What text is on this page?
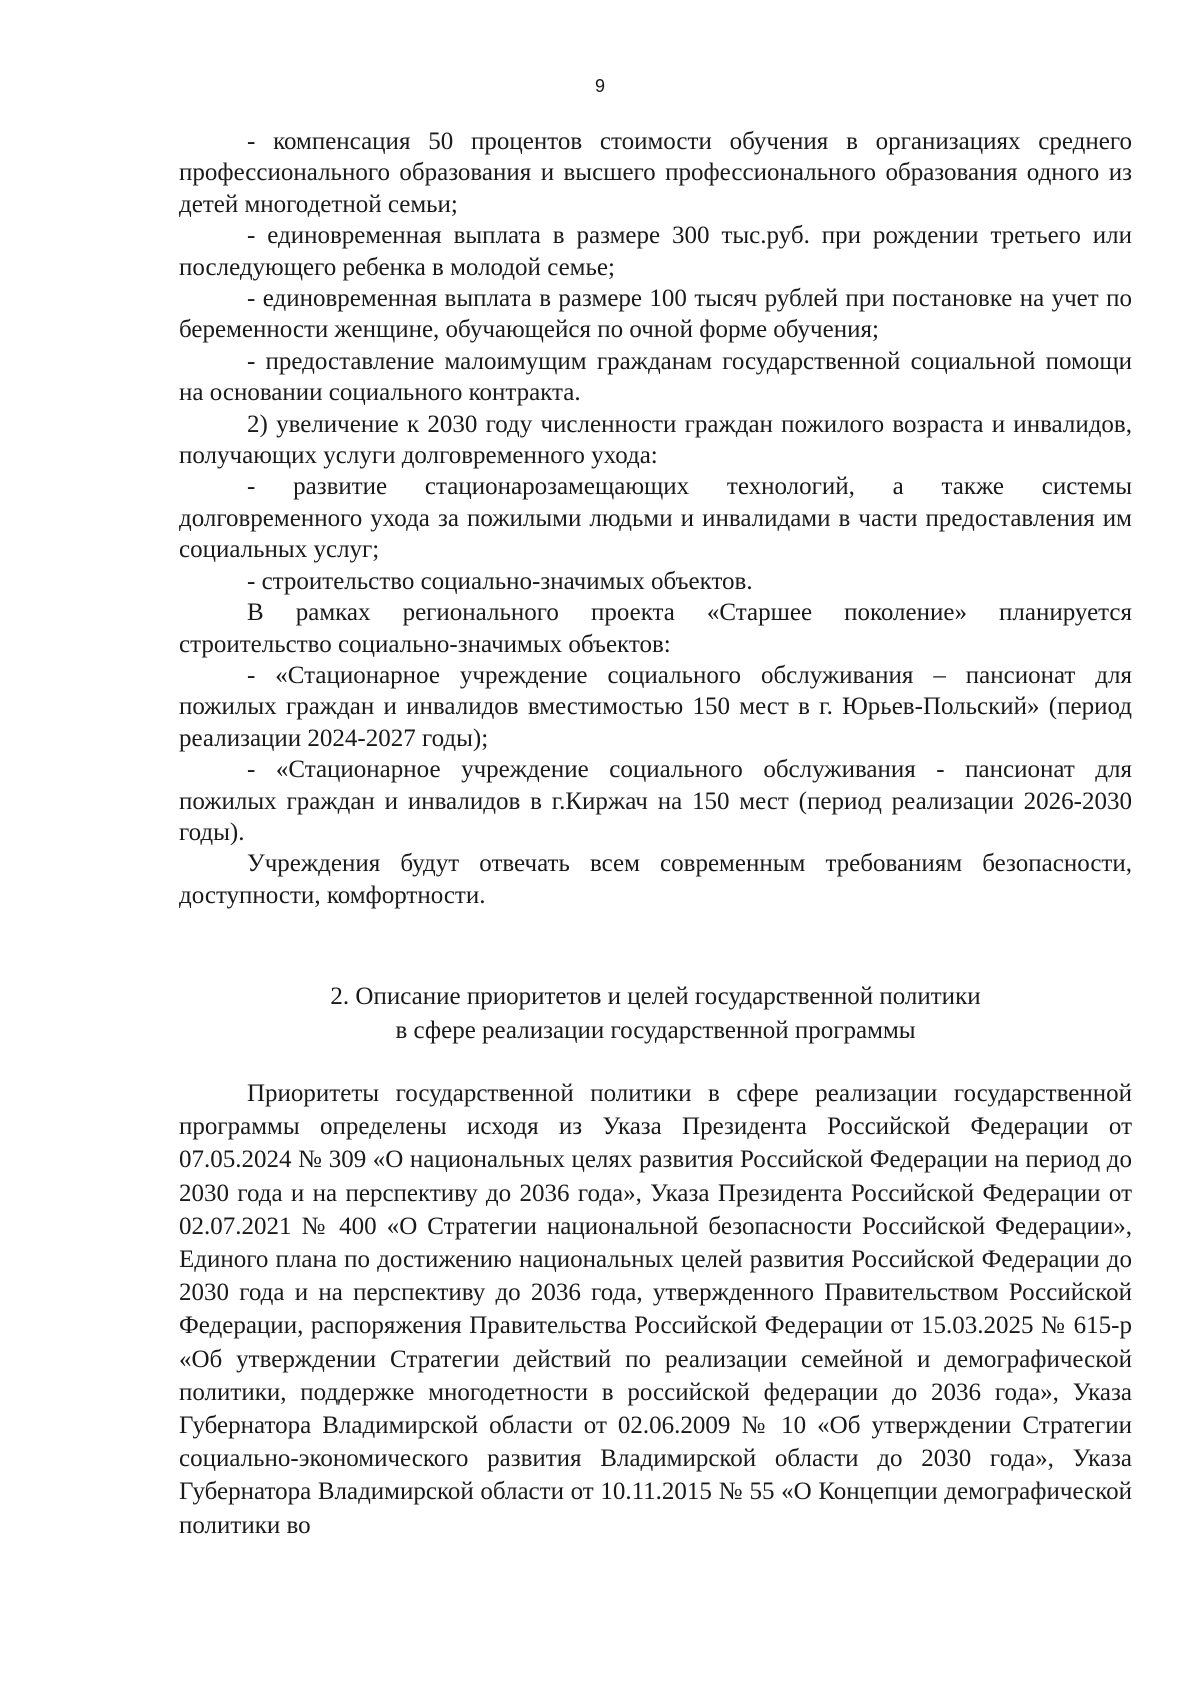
9

- компенсация 50 процентов стоимости обучения в организациях среднего профессионального образования и высшего профессионального образования одного из детей многодетной семьи;

- единовременная выплата в размере 300 тыс.руб. при рождении третьего или последующего ребенка в молодой семье;

- единовременная выплата в размере 100 тысяч рублей при постановке на учет по беременности женщине, обучающейся по очной форме обучения;

- предоставление малоимущим гражданам государственной социальной помощи на основании социального контракта.

2) увеличение к 2030 году численности граждан пожилого возраста и инвалидов, получающих услуги долговременного ухода:

- развитие стационарозамещающих технологий, а также системы долговременного ухода за пожилыми людьми и инвалидами в части предоставления им социальных услуг;

- строительство социально-значимых объектов.

В рамках регионального проекта «Старшее поколение» планируется строительство социально-значимых объектов:

- «Стационарное учреждение социального обслуживания – пансионат для пожилых граждан и инвалидов вместимостью 150 мест в г. Юрьев-Польский» (период реализации 2024-2027 годы);

- «Стационарное учреждение социального обслуживания - пансионат для пожилых граждан и инвалидов в г.Киржач на 150 мест (период реализации 2026-2030 годы).

Учреждения будут отвечать всем современным требованиям безопасности, доступности, комфортности.

2. Описание приоритетов и целей государственной политики
в сфере реализации государственной программы

Приоритеты государственной политики в сфере реализации государственной программы определены исходя из Указа Президента Российской Федерации от 07.05.2024 № 309 «О национальных целях развития Российской Федерации на период до 2030 года и на перспективу до 2036 года», Указа Президента Российской Федерации от 02.07.2021 № 400 «О Стратегии национальной безопасности Российской Федерации», Единого плана по достижению национальных целей развития Российской Федерации до 2030 года и на перспективу до 2036 года, утвержденного Правительством Российской Федерации, распоряжения Правительства Российской Федерации от 15.03.2025 № 615-р «Об утверждении Стратегии действий по реализации семейной и демографической политики, поддержке многодетности в российской федерации до 2036 года», Указа Губернатора Владимирской области от 02.06.2009 № 10 «Об утверждении Стратегии социально-экономического развития Владимирской области до 2030 года», Указа Губернатора Владимирской области от 10.11.2015 № 55 «О Концепции демографической политики во
